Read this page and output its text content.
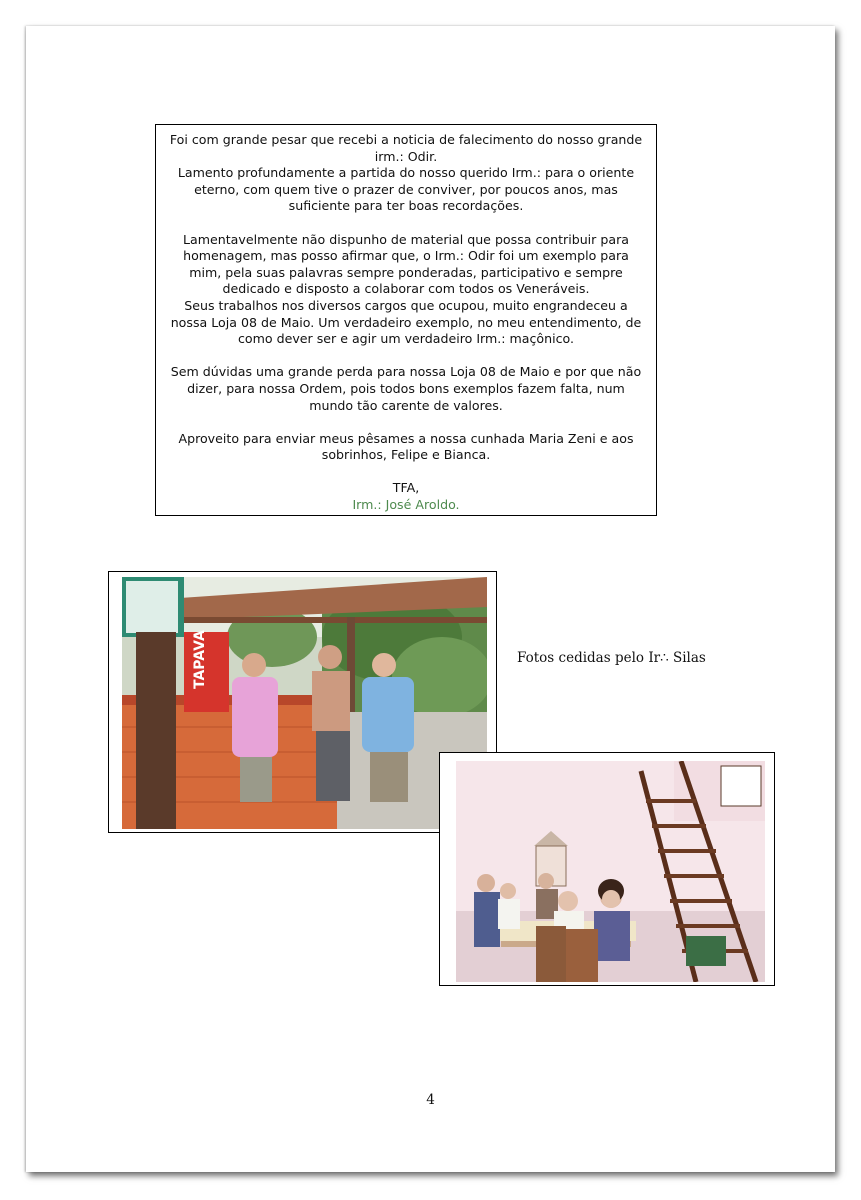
Foi com grande pesar que recebi a noticia de falecimento do nosso grande irm.: Odir.

Lamento profundamente a partida do nosso querido Irm.: para o oriente eterno, com quem tive o prazer de conviver, por poucos anos, mas suficiente para ter boas recordações.

Lamentavelmente não dispunho de material que possa contribuir para homenagem, mas posso afirmar que, o Irm.: Odir foi um exemplo para mim, pela suas palavras sempre ponderadas, participativo e sempre dedicado e disposto a colaborar com todos os Veneráveis.

Seus trabalhos nos diversos cargos que ocupou, muito engrandeceu a nossa Loja 08 de Maio. Um verdadeiro exemplo, no meu entendimento, de como dever ser e agir um verdadeiro Irm.: maçônico.

Sem dúvidas uma grande perda para nossa Loja 08 de Maio e por que não dizer, para nossa Ordem, pois todos bons exemplos fazem falta, num mundo tão carente de valores.

Aproveito para enviar meus pêsames a nossa cunhada Maria Zeni e aos sobrinhos, Felipe e Bianca.

TFA,

Irm.: José Aroldo.

TAPAVA	Fotos cedidas pelo Ir∴ Silas
4
